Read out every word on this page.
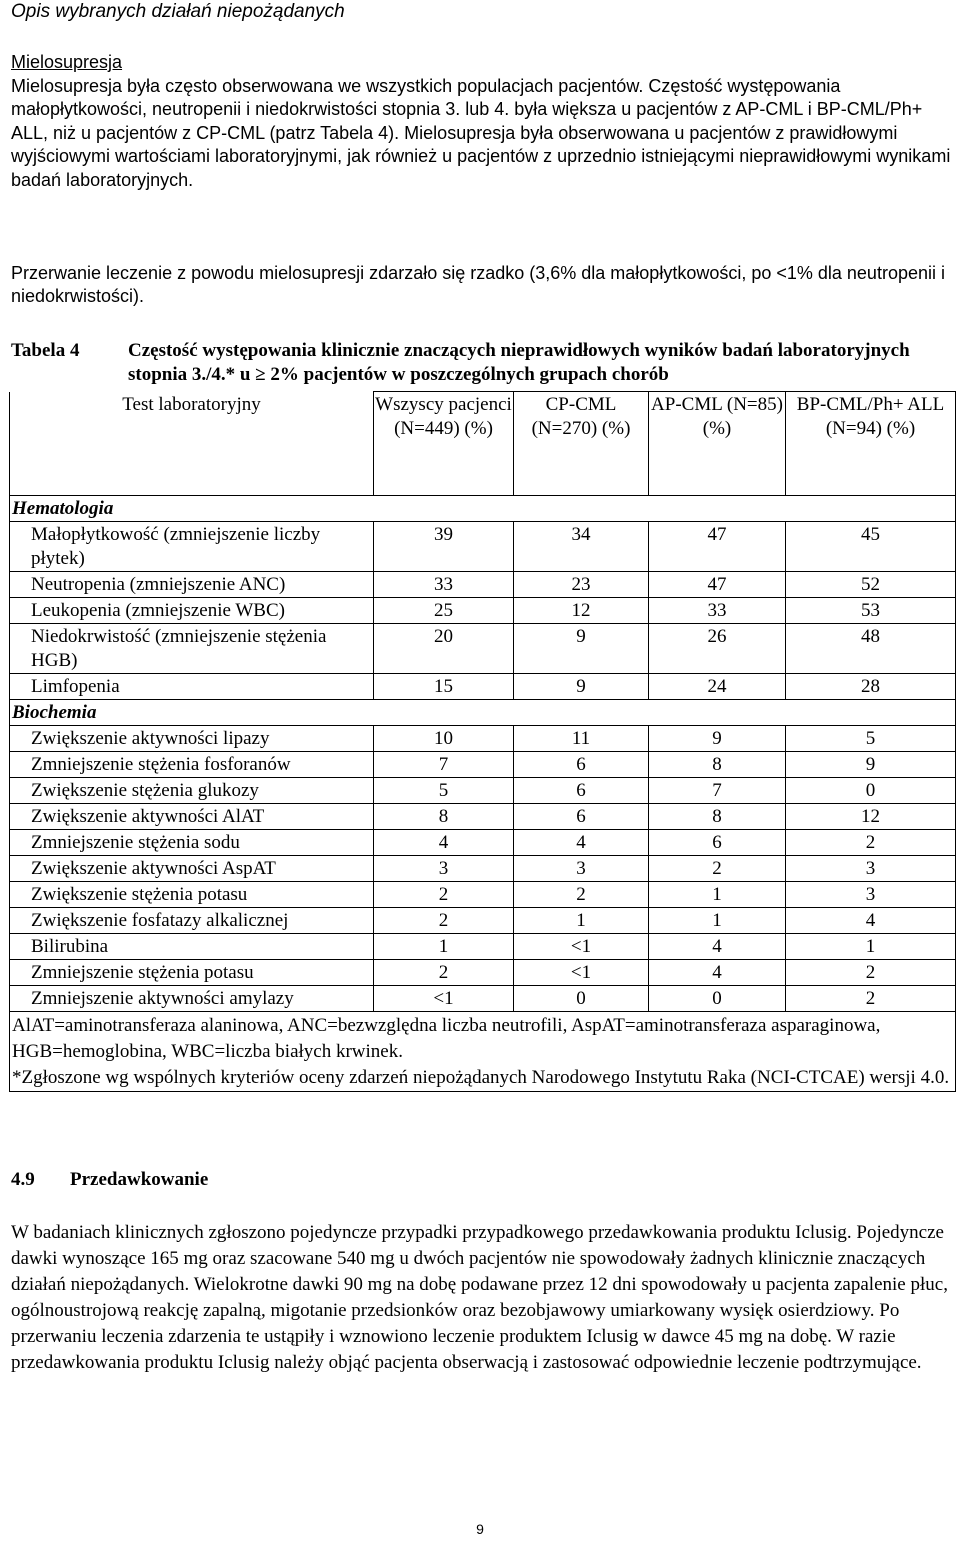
Opis wybranych działań niepożądanych
Mielosupresja
Mielosupresja była często obserwowana we wszystkich populacjach pacjentów. Częstość występowania małopłytkowości, neutropenii i niedokrwistości stopnia 3. lub 4. była większa u pacjentów z AP-CML i BP-CML/Ph+ ALL, niż u pacjentów z CP-CML (patrz Tabela 4). Mielosupresja była obserwowana u pacjentów z prawidłowymi wyjściowymi wartościami laboratoryjnymi, jak również u pacjentów z uprzednio istniejącymi nieprawidłowymi wynikami badań laboratoryjnych.
Przerwanie leczenie z powodu mielosupresji zdarzało się rzadko (3,6% dla małopłytkowości, po <1% dla neutropenii i niedokrwistości).
Tabela 4	Częstość występowania klinicznie znaczących nieprawidłowych wyników badań laboratoryjnych stopnia 3./4.* u ≥ 2% pacjentów w poszczególnych grupach chorób
Test laboratoryjny	Wszyscy pacjenci (N=449) (%)	CP-CML (N=270) (%)	AP-CML (N=85) (%)	BP-CML/Ph+ ALL (N=94) (%)
Hematologia				
Małopłytkowość (zmniejszenie liczby płytek)	39	34	47	45
Neutropenia (zmniejszenie ANC)	33	23	47	52
Leukopenia (zmniejszenie WBC)	25	12	33	53
Niedokrwistość (zmniejszenie stężenia HGB)	20	9	26	48
Limfopenia	15	9	24	28
Biochemia				
Zwiększenie aktywności lipazy	10	11	9	5
Zmniejszenie stężenia fosforanów	7	6	8	9
Zwiększenie stężenia glukozy	5	6	7	0
Zwiększenie aktywności AlAT	8	6	8	12
Zmniejszenie stężenia sodu	4	4	6	2
Zwiększenie aktywności AspAT	3	3	2	3
Zwiększenie stężenia potasu	2	2	1	3
Zwiększenie fosfatazy alkalicznej	2	1	1	4
Bilirubina	1	<1	4	1
Zmniejszenie stężenia potasu	2	<1	4	2
Zmniejszenie aktywności amylazy	<1	0	0	2

AlAT=aminotransferaza alaninowa, ANC=bezwzględna liczba neutrofili, AspAT=aminotransferaza asparaginowa, HGB=hemoglobina, WBC=liczba białych krwinek.
*Zgłoszone wg wspólnych kryteriów oceny zdarzeń niepożądanych Narodowego Instytutu Raka (NCI-CTCAE) wersji 4.0.				
4.9 Przedawkowanie
W badaniach klinicznych zgłoszono pojedyncze przypadki przypadkowego przedawkowania produktu Iclusig. Pojedyncze dawki wynoszące 165 mg oraz szacowane 540 mg u dwóch pacjentów nie spowodowały żadnych klinicznie znaczących działań niepożądanych. Wielokrotne dawki 90 mg na dobę podawane przez 12 dni spowodowały u pacjenta zapalenie płuc, ogólnoustrojową reakcję zapalną, migotanie przedsionków oraz bezobjawowy umiarkowany wysięk osierdziowy. Po przerwaniu leczenia zdarzenia te ustąpiły i wznowiono leczenie produktem Iclusig w dawce 45 mg na dobę. W razie przedawkowania produktu Iclusig należy objąć pacjenta obserwacją i zastosować odpowiednie leczenie podtrzymujące.
9
